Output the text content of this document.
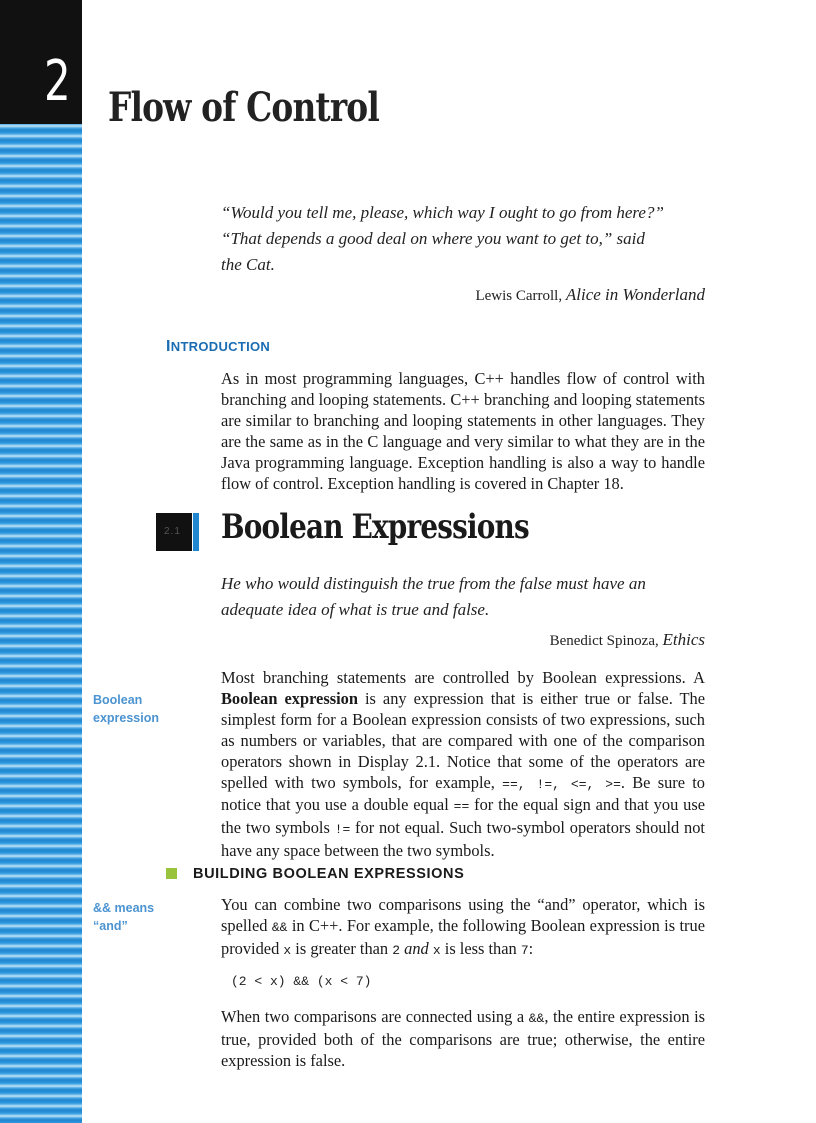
2 Flow of Control
“Would you tell me, please, which way I ought to go from here?”
“That depends a good deal on where you want to get to,” said
the Cat.
Lewis Carroll, Alice in Wonderland
INTRODUCTION
As in most programming languages, C++ handles flow of control with branching and looping statements. C++ branching and looping statements are similar to branching and looping statements in other languages. They are the same as in the C language and very similar to what they are in the Java programming language. Exception handling is also a way to handle flow of control. Exception handling is covered in Chapter 18.
2.1 Boolean Expressions
He who would distinguish the true from the false must have an
adequate idea of what is true and false.
Benedict Spinoza, Ethics
Boolean
expression
Most branching statements are controlled by Boolean expressions. A Boolean expression is any expression that is either true or false. The simplest form for a Boolean expression consists of two expressions, such as numbers or variables, that are compared with one of the comparison operators shown in Display 2.1. Notice that some of the operators are spelled with two symbols, for example, ==, !=, <=, >=. Be sure to notice that you use a double equal == for the equal sign and that you use the two symbols != for not equal. Such two-symbol operators should not have any space between the two symbols.
BUILDING BOOLEAN EXPRESSIONS
&& means
“and”
You can combine two comparisons using the “and” operator, which is spelled && in C++. For example, the following Boolean expression is true provided x is greater than 2 and x is less than 7:
(2 < x) && (x < 7)
When two comparisons are connected using a &&, the entire expression is true, provided both of the comparisons are true; otherwise, the entire expression is false.
